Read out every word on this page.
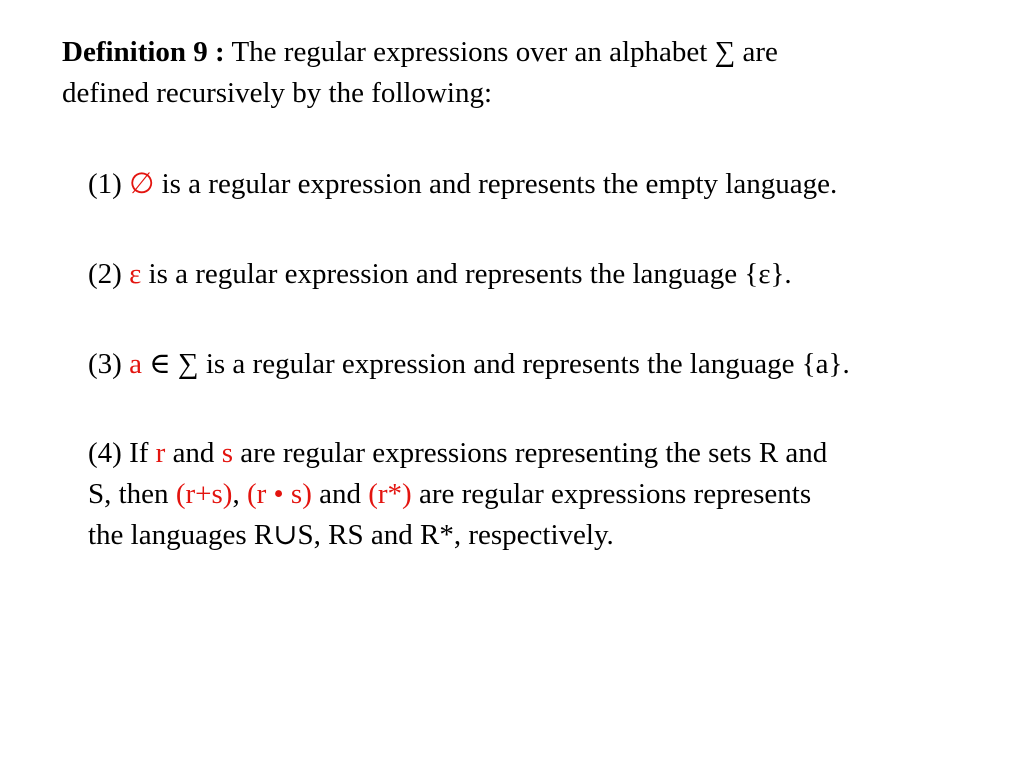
Definition 9 : The regular expressions over an alphabet ∑ are
defined recursively by the following:

(1) ∅ is a regular expression and represents the empty language.

(2) ε is a regular expression and represents the language {ε}.

(3) a ∈ ∑ is a regular expression and represents the language {a}.

(4) If r and s are regular expressions representing the sets R and
S, then (r+s), (r • s) and (r*) are regular expressions represents
the languages R∪S, RS and R*, respectively.
